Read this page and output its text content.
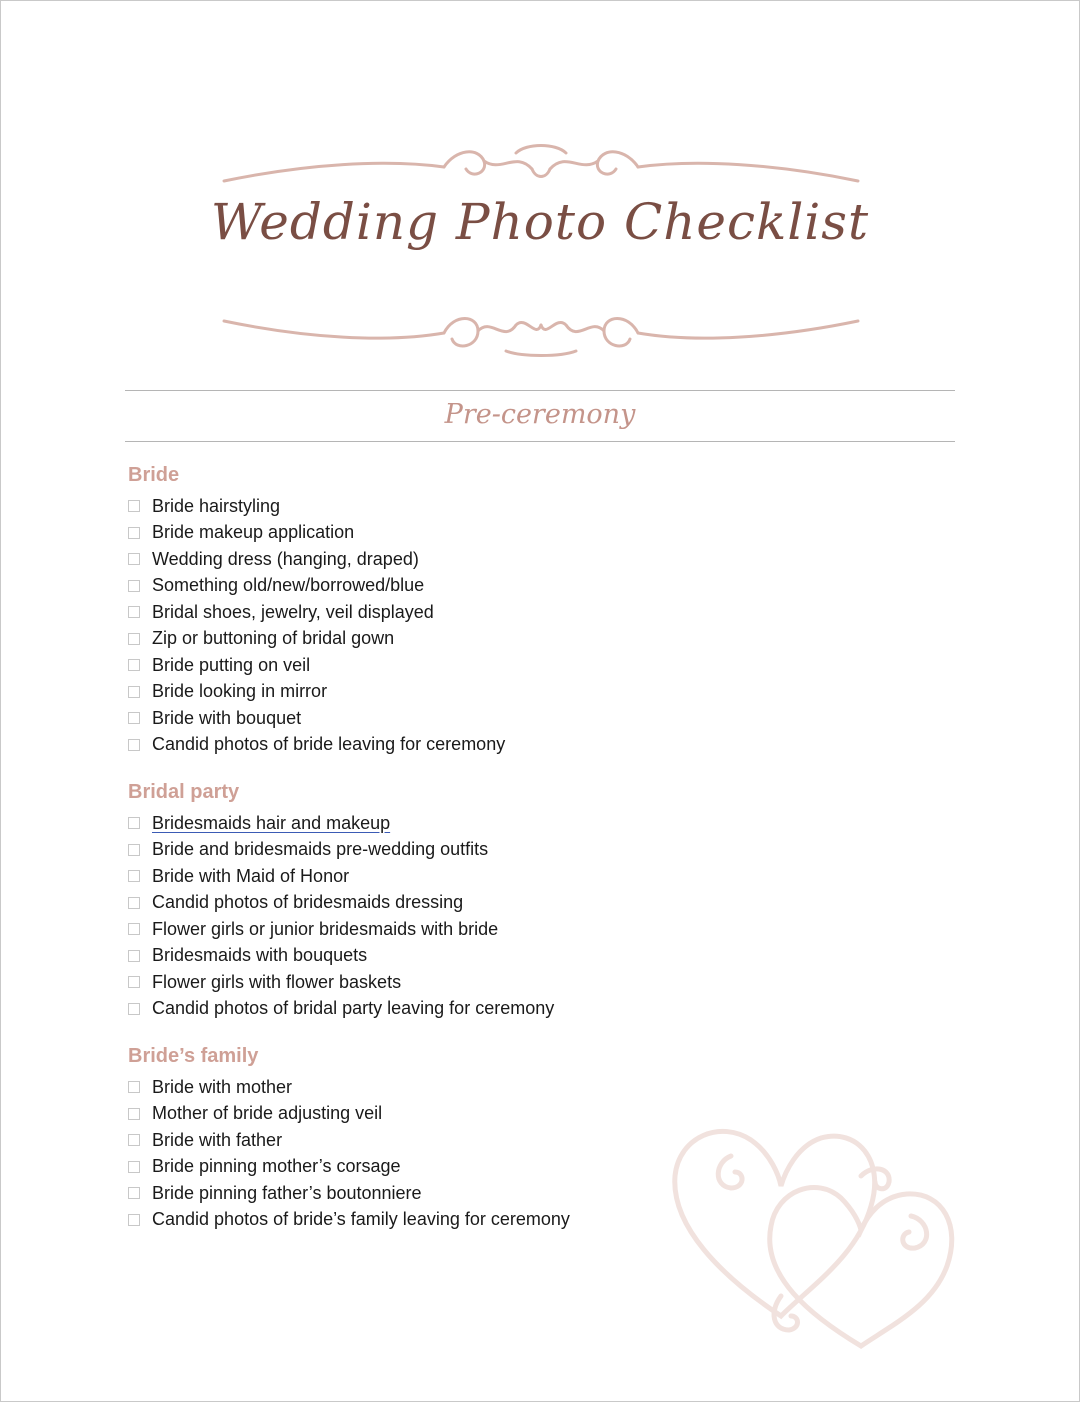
Wedding Photo Checklist
Pre-ceremony
Bride
Bride hairstyling
Bride makeup application
Wedding dress (hanging, draped)
Something old/new/borrowed/blue
Bridal shoes, jewelry, veil displayed
Zip or buttoning of bridal gown
Bride putting on veil
Bride looking in mirror
Bride with bouquet
Candid photos of bride leaving for ceremony
Bridal party
Bridesmaids hair and makeup
Bride and bridesmaids pre-wedding outfits
Bride with Maid of Honor
Candid photos of bridesmaids dressing
Flower girls or junior bridesmaids with bride
Bridesmaids with bouquets
Flower girls with flower baskets
Candid photos of bridal party leaving for ceremony
Bride’s family
Bride with mother
Mother of bride adjusting veil
Bride with father
Bride pinning mother’s corsage
Bride pinning father’s boutonniere
Candid photos of bride’s family leaving for ceremony
